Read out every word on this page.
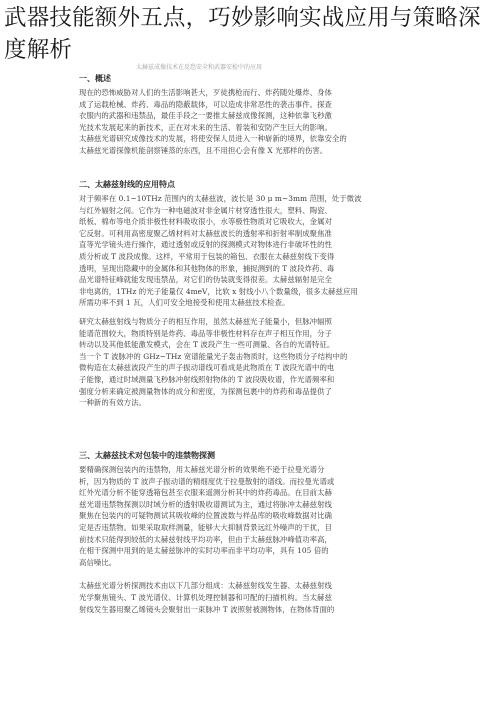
武器技能额外五点，巧妙影响实战应用与策略深度解析
太赫兹成像技术在反恐安全和武器安检中的应用
一、概述
现在的恐怖威胁对人们的生活影响甚大，歹徒携枪而行、炸药随处爆炸、身体
成了运载枪械、炸药、毒品的隐蔽载体，可以造成非常恶性的袭击事件。探查
衣服内的武器和违禁品，最佳手段之一要推太赫兹成像探测，这种依靠飞秒激
光技术发展起来的新技术，正在对未来的生活、着装和安防产生巨大的影响。
太赫兹光谱研究成像技术的发展，将使安保人员进入一种崭新的境界，依靠安全的
太赫兹光谱探像机能剖察锤蒸的东西，且不用担心会有像 X 光那样的伤害。
二、太赫兹射线的应用特点
对于频率在 0.1~10THz 范围内的太赫兹波，波长是 30 μ m~3mm 范围，处于微波
与红外辐射之间。它作为一种电磁波对非金属片材穿透性很大，塑料、陶瓷、
纸板、棉布等电介质非极性材料吸收很小，水等极性物质对它吸收大，金属对
它反射。可利用高密度聚乙烯材料对太赫兹波长的透射率和折射率制成聚焦准
直等光学镜头进行操作，通过透射或反射的探测模式对物体进行非破坏性的性
质分析或 T 波段成像。这样，平常用于包装的箱包、衣服在太赫兹射线下变得
透明，呈现出隐藏中的金属体和其他物体的形象，捕捉测到的 T 波段炸药、毒
品光谱特征峰就能发现违禁品，对它们的伪装就变得很差。太赫兹辐射是完全
非电离的，1THz 的光子能量仅 4meV，比软 x 射线小八个数量级，很多太赫兹应用
所需功率不到 1 瓦，人们可安全地接受和使用太赫兹技术检查。
研究太赫兹射线与物质分子的相互作用，虽然太赫兹光子能量小，但脉冲辐照
能谱范围较大，物质特别是炸药、毒品等非极性材料存在声子相互作用，分子
转动以及其他低能激发模式，会在 T 波段产生一些可测量、各自的光谱特征。
当一个 T 波脉冲的 GHz~THz 宽谱能量光子轰击物质时，这些物质分子结构中的
微构造在太赫兹波段产生的声子振动谱线可看成是此物质在 T 波段光谱中的电
子能像，通过时域测量飞秒脉冲射线照射物体的 T 波段吸收谱，作光谱频率和
强度分析来确定被测量物体的成分和密度，为探测包裹中的炸药和毒品提供了
一种新的有效方法。
三、太赫兹技术对包装中的违禁物探测
要精确探测包装内的违禁物，用太赫兹光谱分析的效果绝不逊于拉曼光谱分
析，因为物质的 T 波声子振动谱的精细度优于拉曼散射的谱线。而拉曼光谱或
红外光谱分析不能穿透箱包甚至衣服来遥测分析其中的炸药毒品。在目前太赫
兹光谱违禁物探测以时域分析的透射吸收谱测试为主，通过将脉冲太赫兹射线
聚焦在包装内的可疑物测试其吸收峰的位置波数与样品库的吸收峰数据对比确
定是否违禁物。如果采取取样测量，能够大大抑制背景远红外噪声的干扰，目
前技术只能得到较低的太赫兹射线平均功率，但由于太赫兹脉冲峰值功率高，
在相干探测中用到的是太赫兹脉冲的实时功率而非平均功率，具有 105 倍的
高信噪比。
太赫兹光谱分析探测技术由以下几部分组成：太赫兹射线发生器、太赫兹射线
光学聚焦镜头、T 波光谱仪、计算机处理控制器和可配的扫描机构。当太赫兹
射线发生器用聚乙烯镜头会聚射出一束脉冲 T 波照射被测物体，在物体背面的
